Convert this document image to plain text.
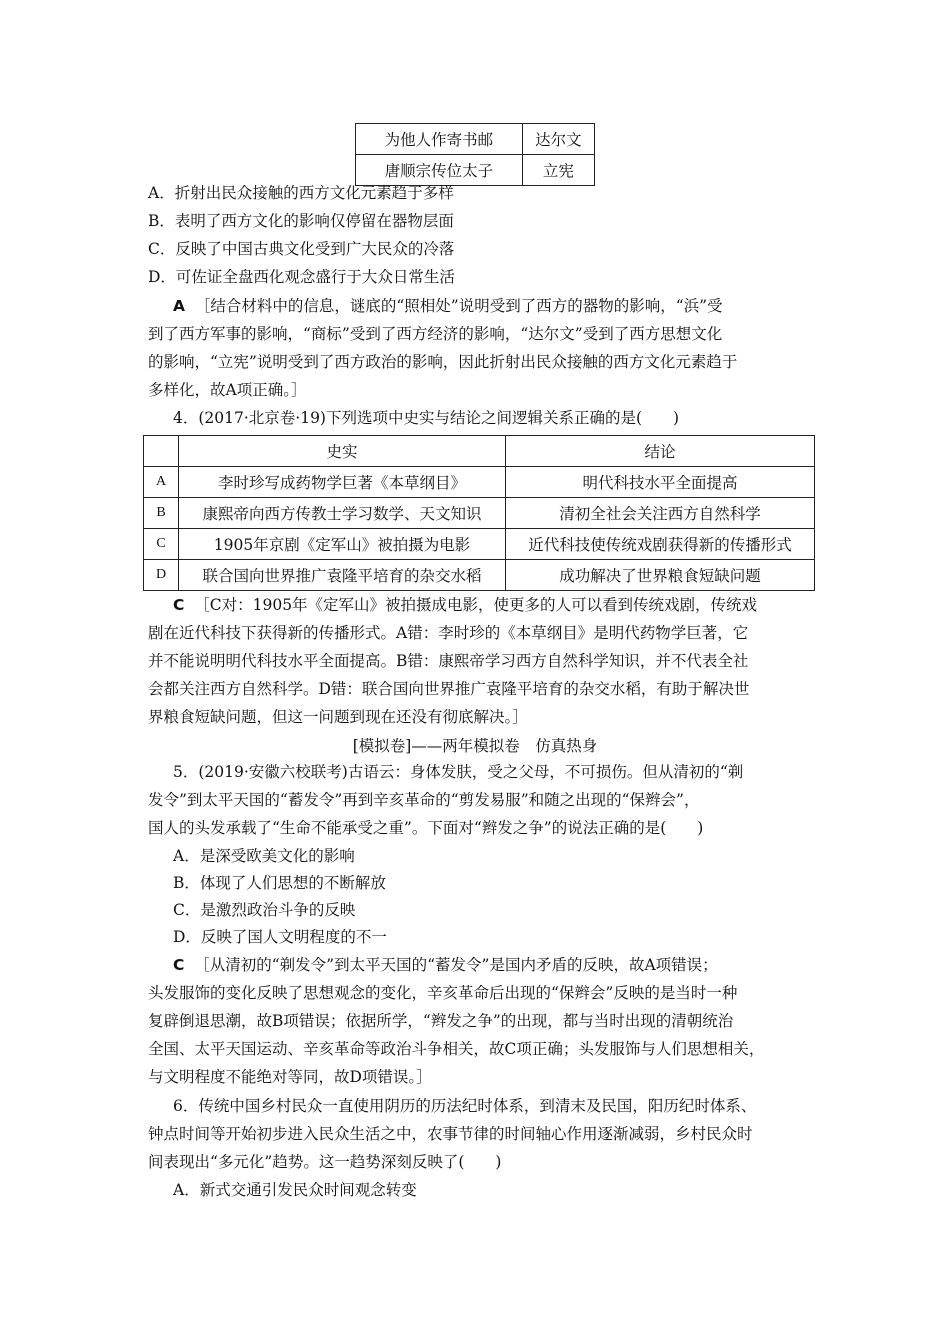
为他人作寄书邮	达尔文
唐顺宗传位太子	立宪
A．折射出民众接触的西方文化元素趋于多样
B．表明了西方文化的影响仅停留在器物层面
C．反映了中国古典文化受到广大民众的冷落
D．可佐证全盘西化观念盛行于大众日常生活
A ［结合材料中的信息，谜底的“照相处”说明受到了西方的器物的影响，“浜”受
到了西方军事的影响，“商标”受到了西方经济的影响，“达尔文”受到了西方思想文化
的影响，“立宪”说明受到了西方政治的影响，因此折射出民众接触的西方文化元素趋于
多样化，故A项正确。］
4．(2017·北京卷·19)下列选项中史实与结论之间逻辑关系正确的是(　　)
	史实	结论
A	李时珍写成药物学巨著《本草纲目》	明代科技水平全面提高
B	康熙帝向西方传教士学习数学、天文知识	清初全社会关注西方自然科学
C	1905年京剧《定军山》被拍摄为电影	近代科技使传统戏剧获得新的传播形式
D	联合国向世界推广袁隆平培育的杂交水稻	成功解决了世界粮食短缺问题
C ［C对：1905年《定军山》被拍摄成电影，使更多的人可以看到传统戏剧，传统戏
剧在近代科技下获得新的传播形式。A错：李时珍的《本草纲目》是明代药物学巨著，它
并不能说明明代科技水平全面提高。B错：康熙帝学习西方自然科学知识，并不代表全社
会都关注西方自然科学。D错：联合国向世界推广袁隆平培育的杂交水稻，有助于解决世
界粮食短缺问题，但这一问题到现在还没有彻底解决。］
[模拟卷]——两年模拟卷　仿真热身
5．(2019·安徽六校联考)古语云：身体发肤，受之父母，不可损伤。但从清初的“剃
发令”到太平天国的“蓄发令”再到辛亥革命的“剪发易服”和随之出现的“保辫会”，
国人的头发承载了“生命不能承受之重”。下面对“辫发之争”的说法正确的是(　　)
A．是深受欧美文化的影响
B．体现了人们思想的不断解放
C．是激烈政治斗争的反映
D．反映了国人文明程度的不一
C ［从清初的“剃发令”到太平天国的“蓄发令”是国内矛盾的反映，故A项错误；
头发服饰的变化反映了思想观念的变化，辛亥革命后出现的“保辫会”反映的是当时一种
复辟倒退思潮，故B项错误；依据所学，“辫发之争”的出现，都与当时出现的清朝统治
全国、太平天国运动、辛亥革命等政治斗争相关，故C项正确；头发服饰与人们思想相关，
与文明程度不能绝对等同，故D项错误。］
6．传统中国乡村民众一直使用阴历的历法纪时体系，到清末及民国，阳历纪时体系、
钟点时间等开始初步进入民众生活之中，农事节律的时间轴心作用逐渐减弱，乡村民众时
间表现出“多元化”趋势。这一趋势深刻反映了(　　)
A．新式交通引发民众时间观念转变
